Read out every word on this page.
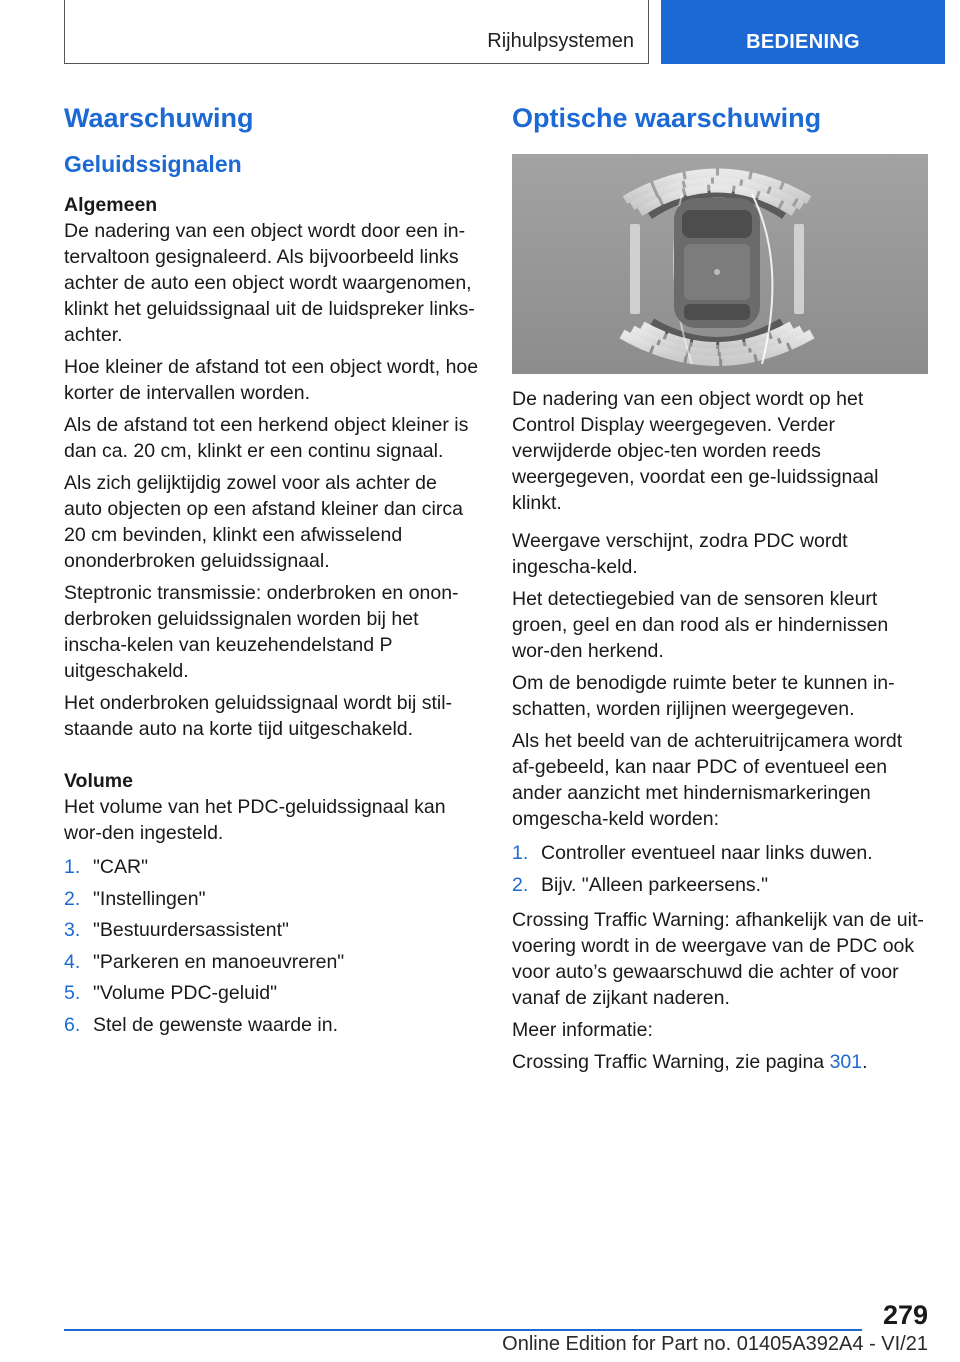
Rijhulpsystemen	BEDIENING
Waarschuwing
Geluidssignalen
Algemeen

De nadering van een object wordt door een in-tervaltoon gesignaleerd. Als bijvoorbeeld links achter de auto een object wordt waargenomen, klinkt het geluidssignaal uit de luidspreker links-achter.

Hoe kleiner de afstand tot een object wordt, hoe korter de intervallen worden.

Als de afstand tot een herkend object kleiner is dan ca. 20 cm, klinkt er een continu signaal.

Als zich gelijktijdig zowel voor als achter de auto objecten op een afstand kleiner dan circa 20 cm bevinden, klinkt een afwisselend ononderbroken geluidssignaal.

Steptronic transmissie: onderbroken en onon-derbroken geluidssignalen worden bij het inscha-kelen van keuzehendelstand P uitgeschakeld.

Het onderbroken geluidssignaal wordt bij stil-staande auto na korte tijd uitgeschakeld.

Volume

Het volume van het PDC-geluidssignaal kan wor-den ingesteld.

1. "CAR"
2. "Instellingen"
3. "Bestuurdersassistent"
4. "Parkeren en manoeuvreren"
5. "Volume PDC-geluid"
6. Stel de gewenste waarde in.
Optische waarschuwing

De nadering van een object wordt op het Control Display weergegeven. Verder verwijderde objec-ten worden reeds weergegeven, voordat een ge-luidssignaal klinkt.

Weergave verschijnt, zodra PDC wordt ingescha-keld.

Het detectiegebied van de sensoren kleurt groen, geel en dan rood als er hindernissen wor-den herkend.

Om de benodigde ruimte beter te kunnen in-schatten, worden rijlijnen weergegeven.

Als het beeld van de achteruitrijcamera wordt af-gebeeld, kan naar PDC of eventueel een ander aanzicht met hindernismarkeringen omgescha-keld worden:

1. Controller eventueel naar links duwen.
2. Bijv. "Alleen parkeersens."

Crossing Traffic Warning: afhankelijk van de uit-voering wordt in de weergave van de PDC ook voor auto’s gewaarschuwd die achter of voor vanaf de zijkant naderen.

Meer informatie:

Crossing Traffic Warning, zie pagina 301.

279
Online Edition for Part no. 01405A392A4 - VI/21
